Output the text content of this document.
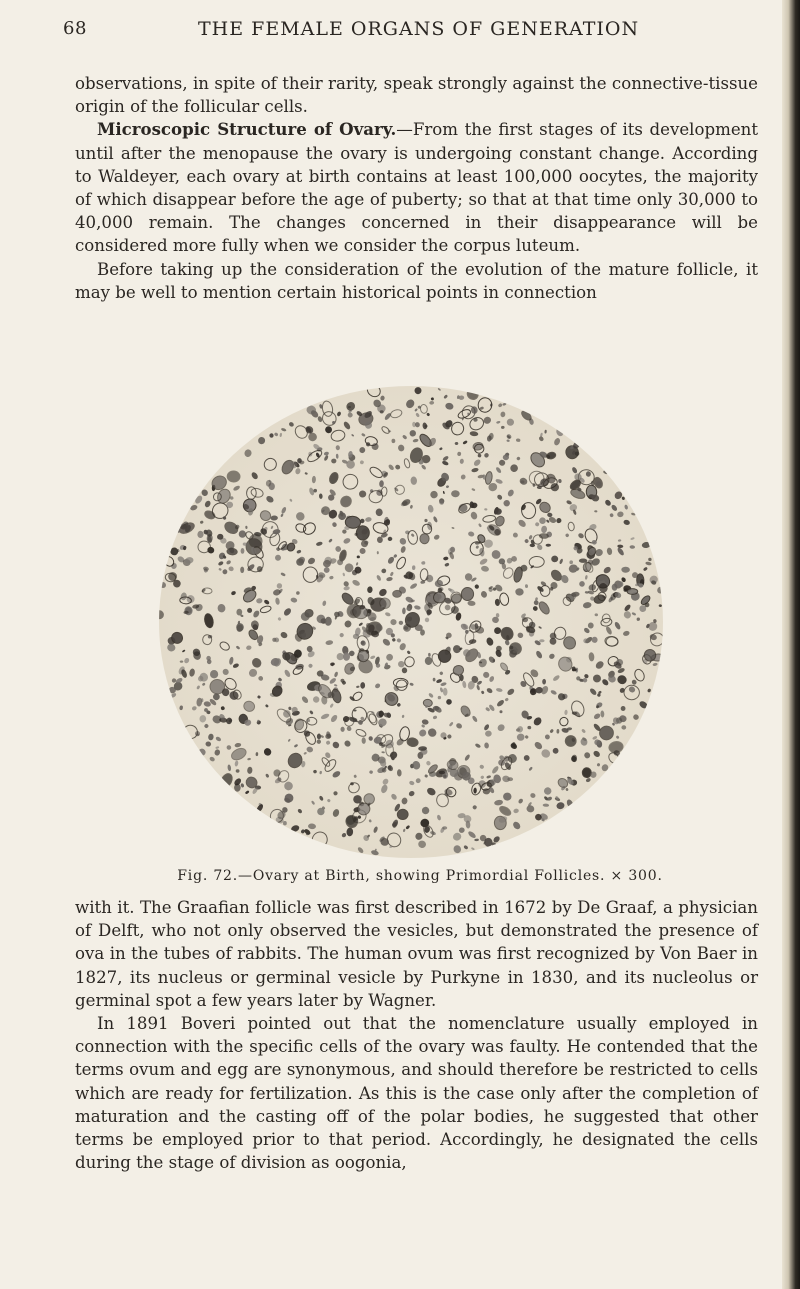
68	THE FEMALE ORGANS OF GENERATION

observations, in spite of their rarity, speak strongly against the connective-tissue origin of the follicular cells.

Microscopic Structure of Ovary.—From the first stages of its development until after the menopause the ovary is undergoing constant change. According to Waldeyer, each ovary at birth contains at least 100,000 oocytes, the majority of which disappear before the age of puberty; so that at that time only 30,000 to 40,000 remain. The changes concerned in their disappearance will be considered more fully when we consider the corpus luteum.

Before taking up the consideration of the evolution of the mature follicle, it may be well to mention certain historical points in connection

Fig. 72.—Ovary at Birth, showing Primordial Follicles. × 300.

with it. The Graafian follicle was first described in 1672 by De Graaf, a physician of Delft, who not only observed the vesicles, but demonstrated the presence of ova in the tubes of rabbits. The human ovum was first recognized by Von Baer in 1827, its nucleus or germinal vesicle by Purkyne in 1830, and its nucleolus or germinal spot a few years later by Wagner.

In 1891 Boveri pointed out that the nomenclature usually employed in connection with the specific cells of the ovary was faulty. He contended that the terms ovum and egg are synonymous, and should therefore be restricted to cells which are ready for fertilization. As this is the case only after the completion of maturation and the casting off of the polar bodies, he suggested that other terms be employed prior to that period. Accordingly, he designated the cells during the stage of division as oogonia,
